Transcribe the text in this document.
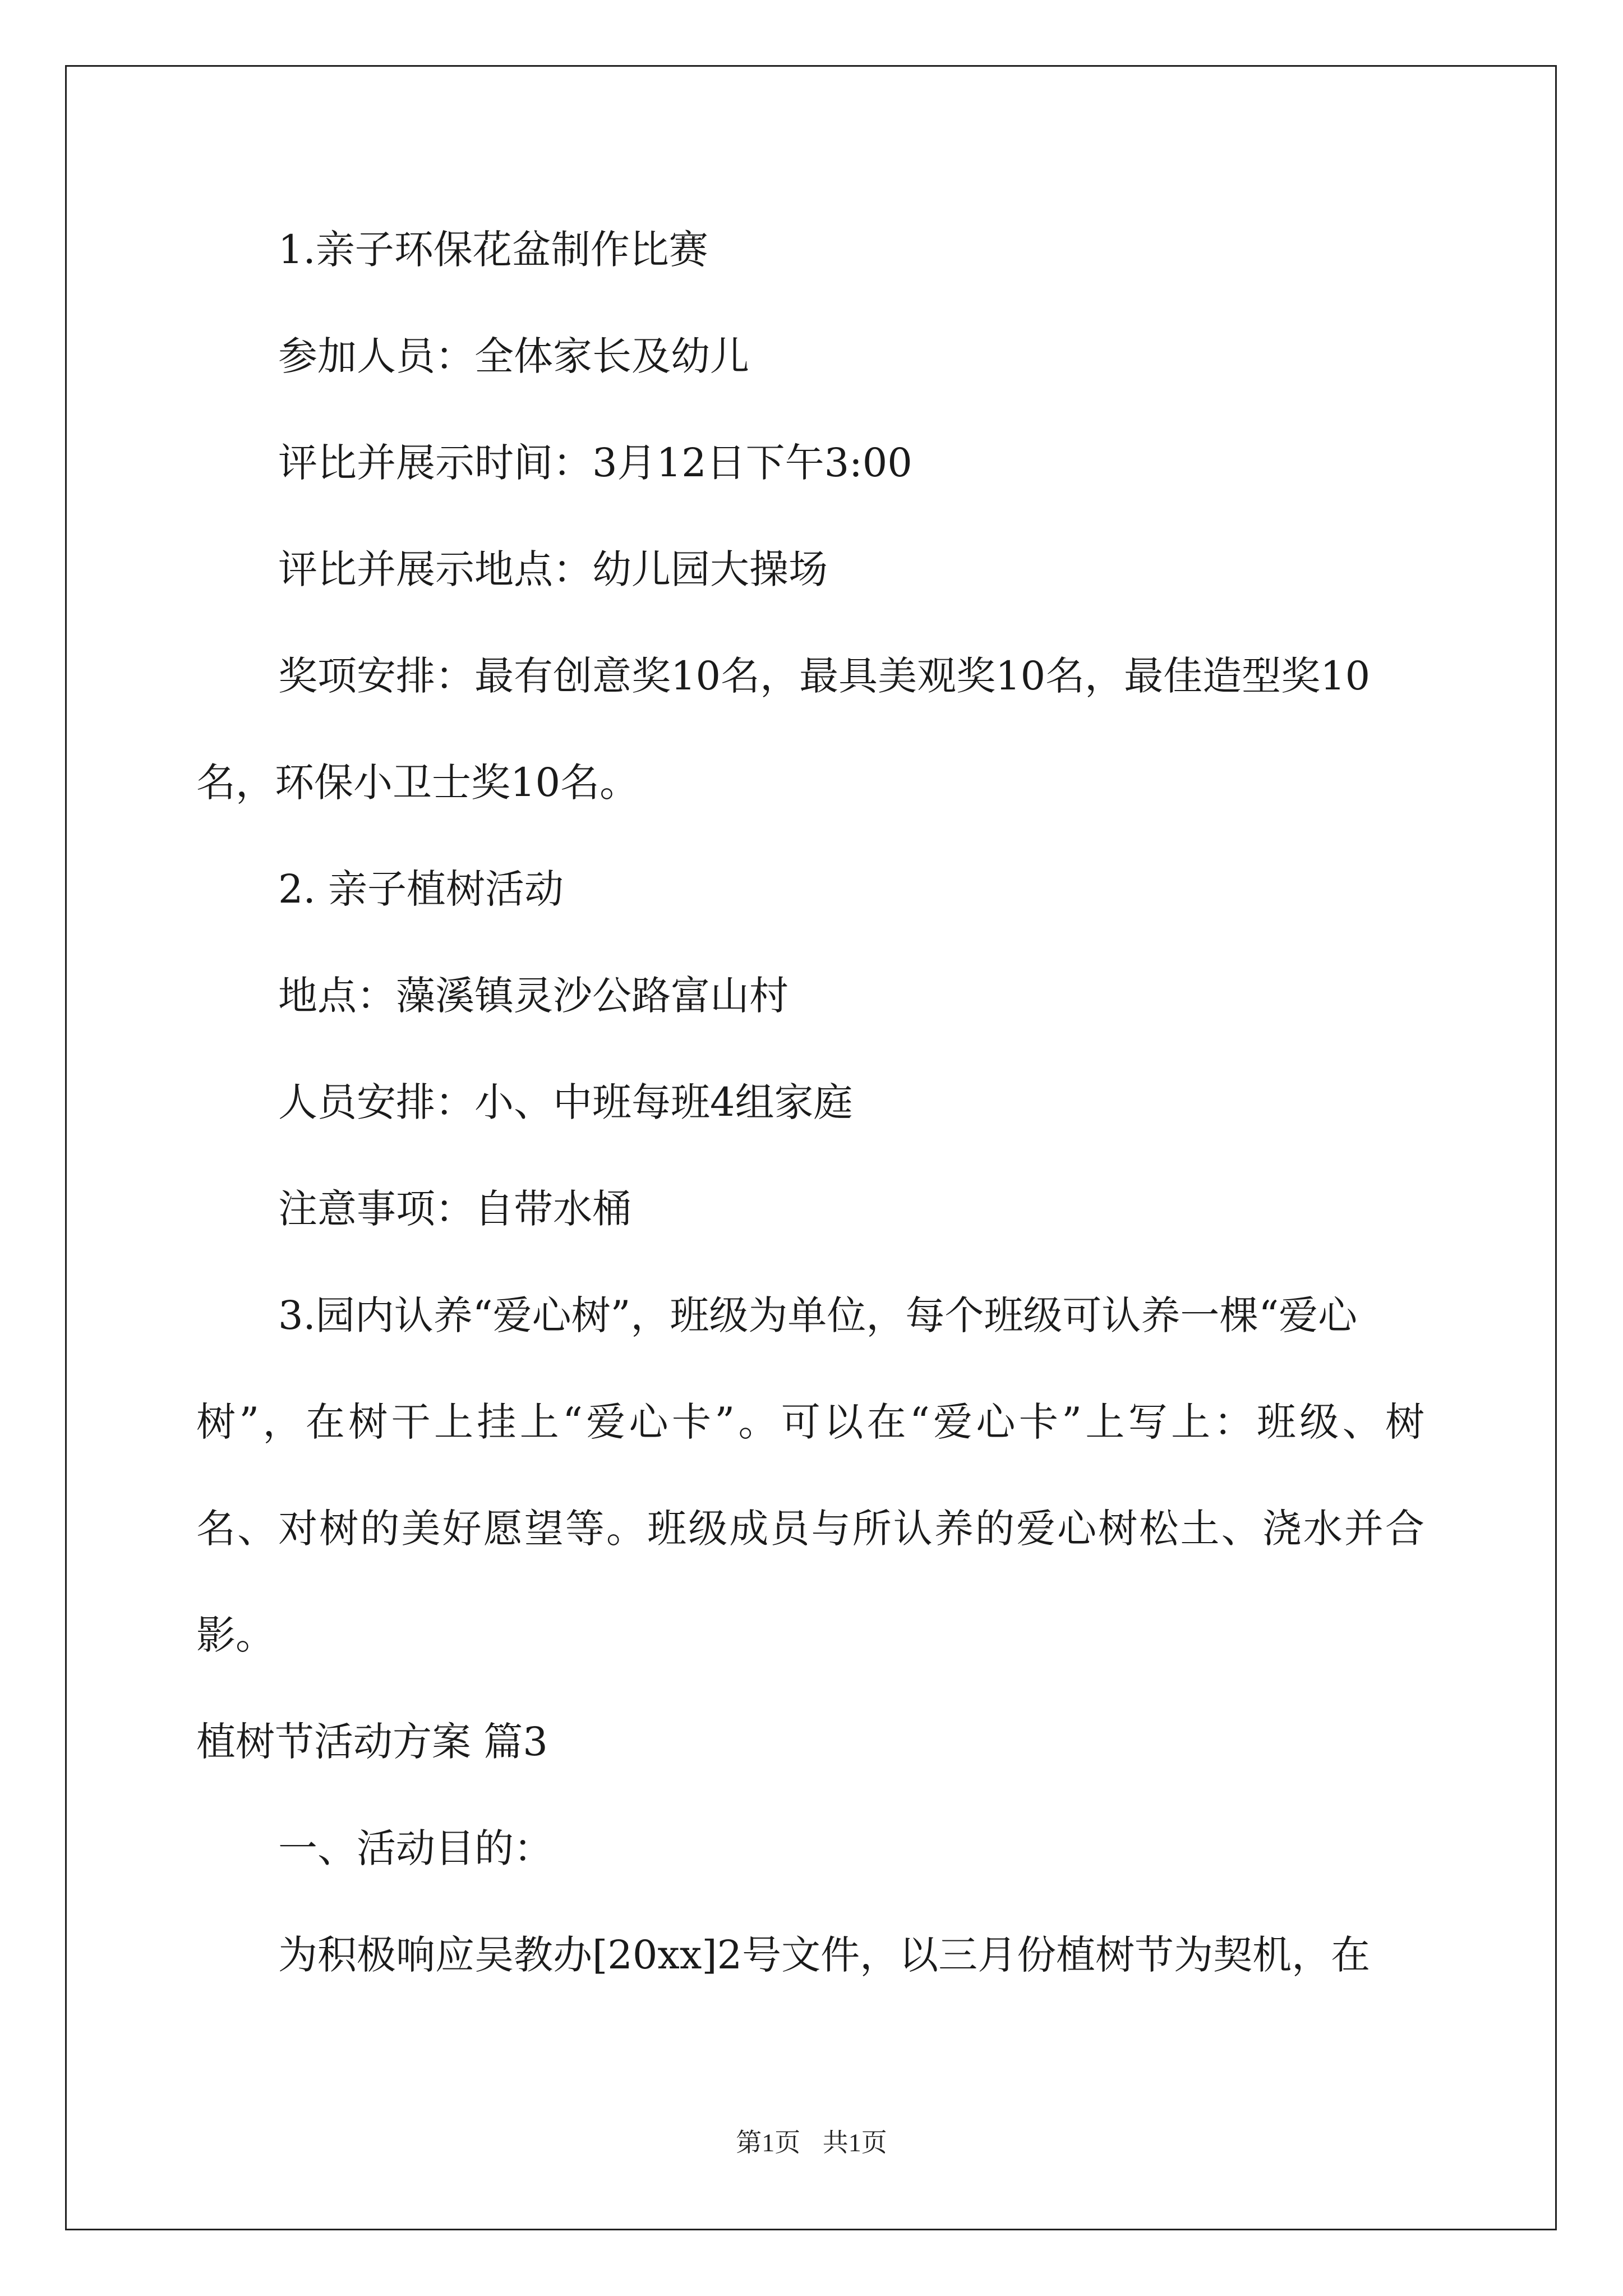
1.亲子环保花盆制作比赛
参加人员：全体家长及幼儿
评比并展示时间：3月12日下午3:00
评比并展示地点：幼儿园大操场
奖项安排：最有创意奖10名，最具美观奖10名，最佳造型奖10
名，环保小卫士奖10名。
2. 亲子植树活动
地点：藻溪镇灵沙公路富山村
人员安排：小、中班每班4组家庭
注意事项：自带水桶
3.园内认养“爱心树”，班级为单位，每个班级可认养一棵“爱心
树”，在树干上挂上“爱心卡”。可以在“爱心卡”上写上：班级、树
名、对树的美好愿望等。班级成员与所认养的爱心树松土、浇水并合
影。
植树节活动方案 篇3
一、活动目的：
为积极响应吴教办[20xx]2号文件，以三月份植树节为契机，在
第1页 共1页
